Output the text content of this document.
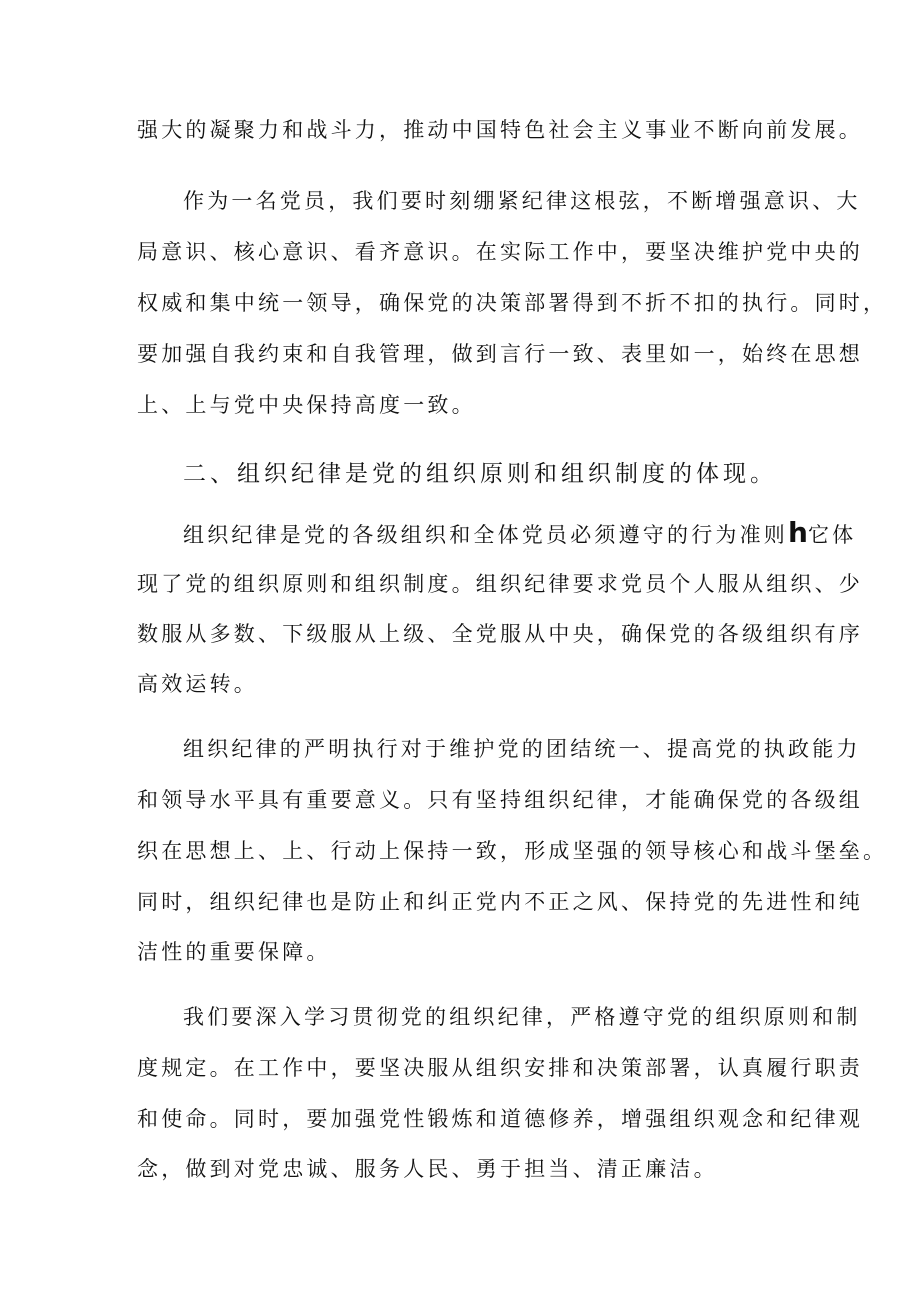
强大的凝聚力和战斗力，推动中国特色社会主义事业不断向前发展。
作为一名党员，我们要时刻绷紧纪律这根弦，不断增强意识、大
局意识、核心意识、看齐意识。在实际工作中，要坚决维护党中央的
权威和集中统一领导，确保党的决策部署得到不折不扣的执行。同时，
要加强自我约束和自我管理，做到言行一致、表里如一，始终在思想
上、上与党中央保持高度一致。
二、组织纪律是党的组织原则和组织制度的体现。
组织纪律是党的各级组织和全体党员必须遵守的行为准则h它体
现了党的组织原则和组织制度。组织纪律要求党员个人服从组织、少
数服从多数、下级服从上级、全党服从中央，确保党的各级组织有序
高效运转。
组织纪律的严明执行对于维护党的团结统一、提高党的执政能力
和领导水平具有重要意义。只有坚持组织纪律，才能确保党的各级组
织在思想上、上、行动上保持一致，形成坚强的领导核心和战斗堡垒。
同时，组织纪律也是防止和纠正党内不正之风、保持党的先进性和纯
洁性的重要保障。
我们要深入学习贯彻党的组织纪律，严格遵守党的组织原则和制
度规定。在工作中，要坚决服从组织安排和决策部署，认真履行职责
和使命。同时，要加强党性锻炼和道德修养，增强组织观念和纪律观
念，做到对党忠诚、服务人民、勇于担当、清正廉洁。
